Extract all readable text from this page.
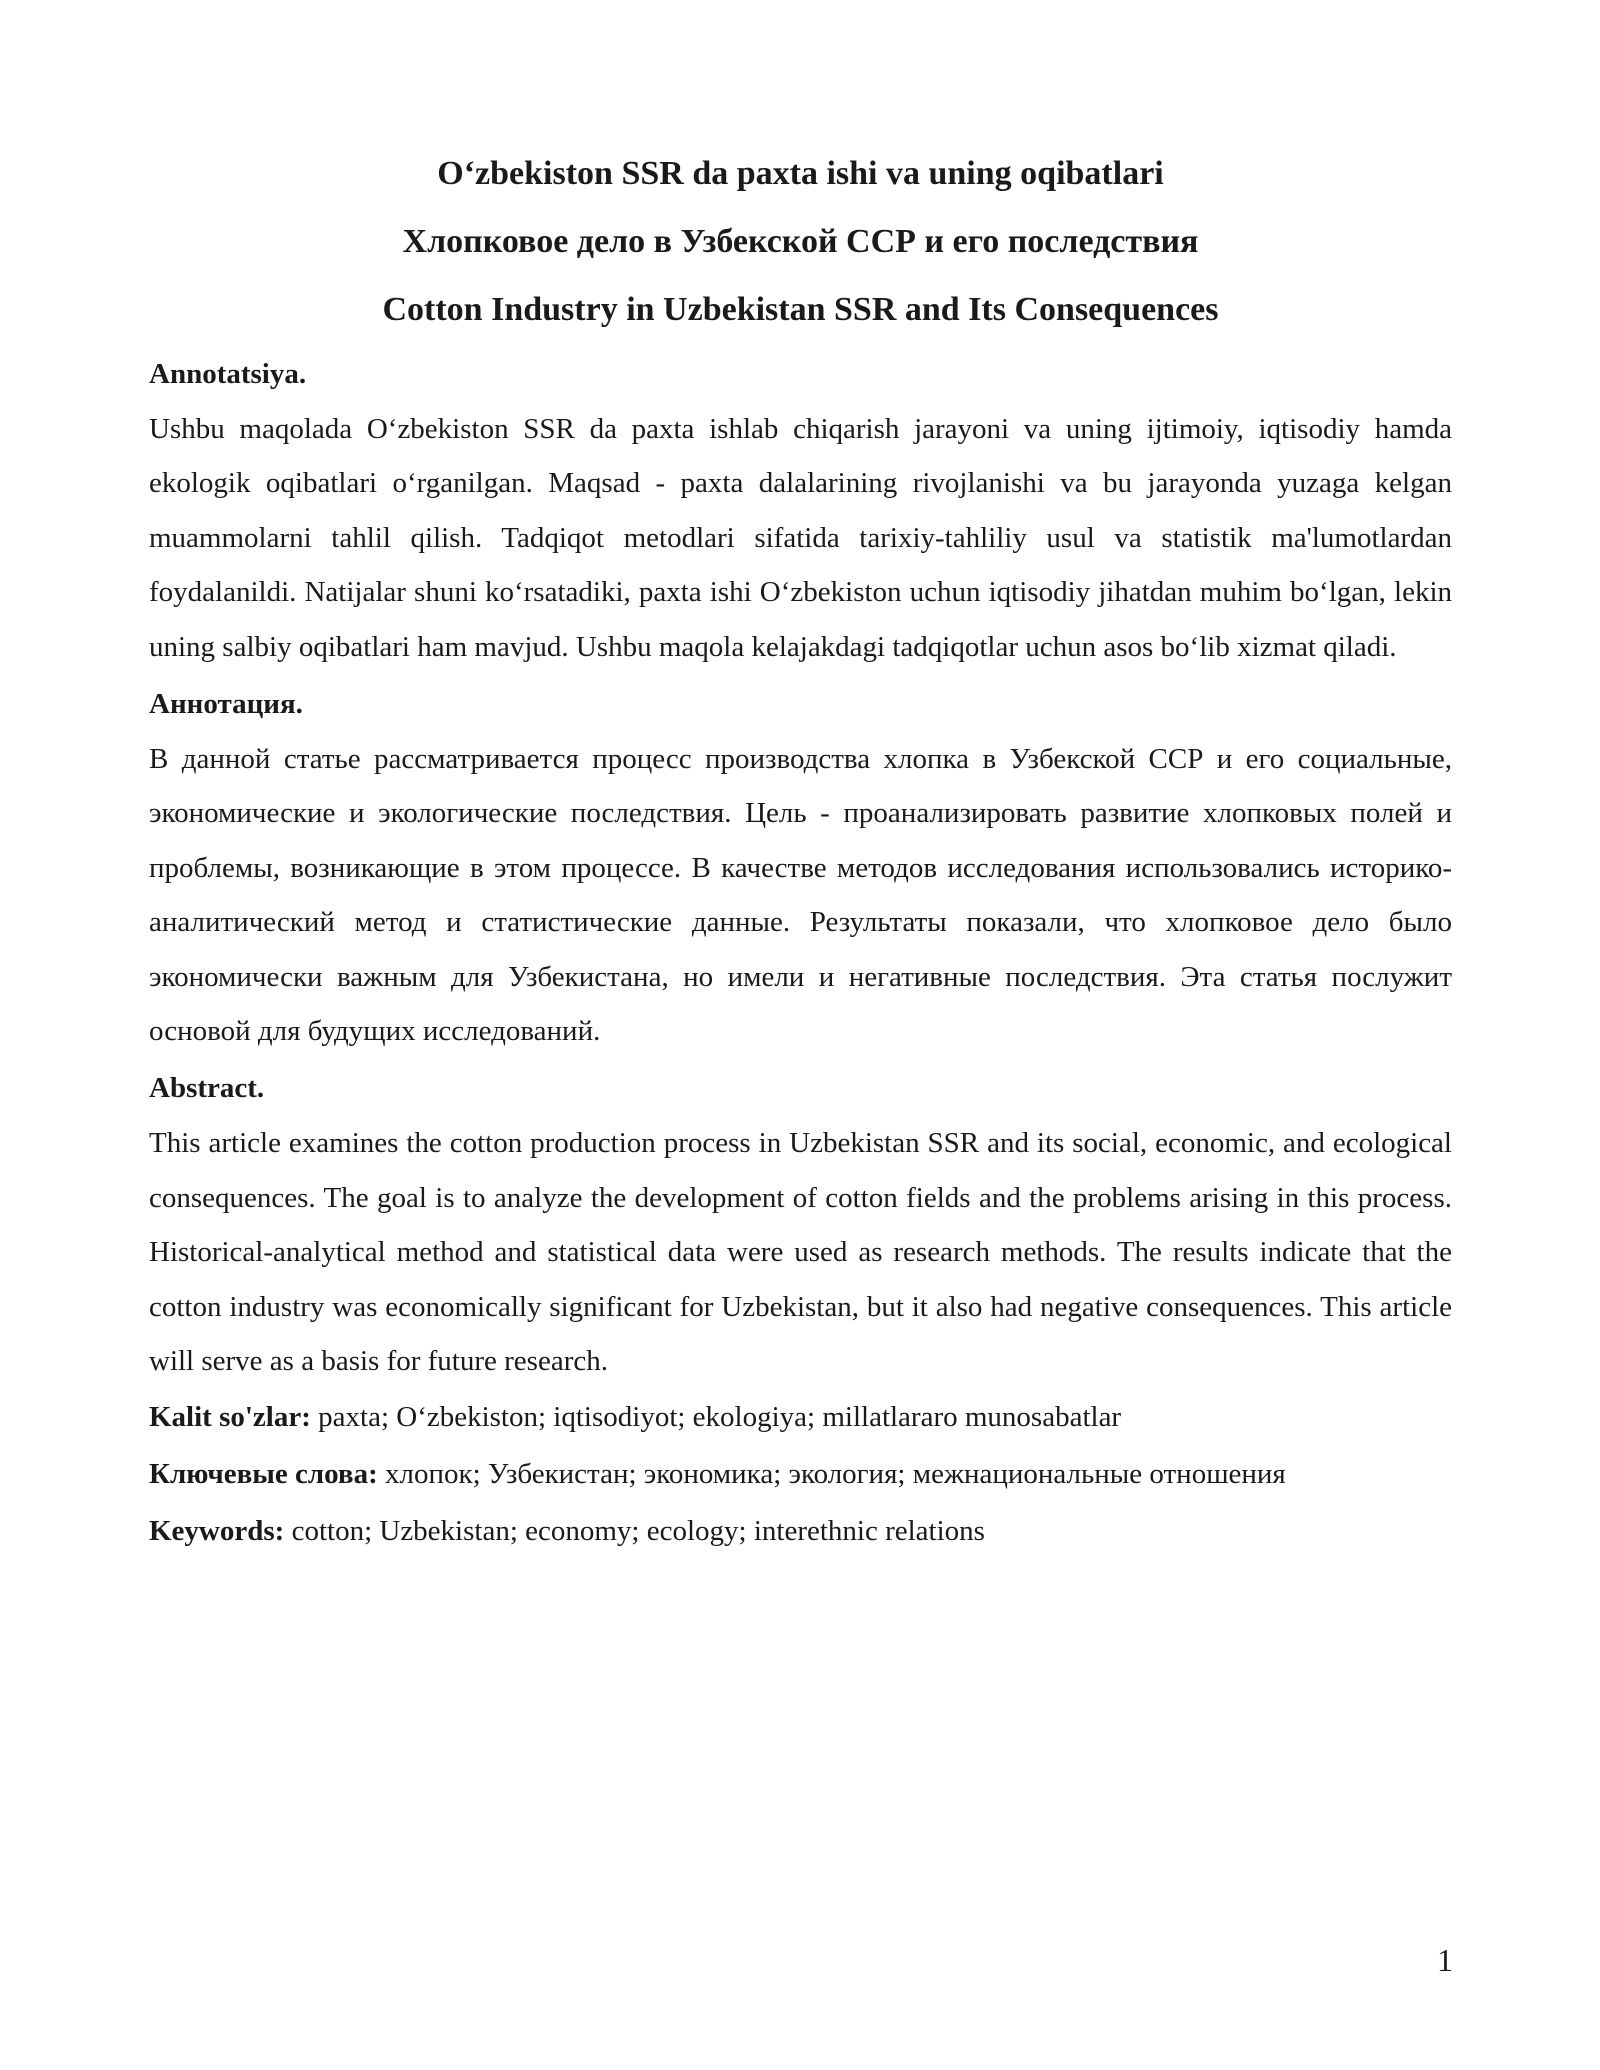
O‘zbekiston SSR da paxta ishi va uning oqibatlari

Хлопковое дело в Узбекской ССР и его последствия

Cotton Industry in Uzbekistan SSR and Its Consequences

Annotatsiya.

Ushbu maqolada O‘zbekiston SSR da paxta ishlab chiqarish jarayoni va uning ijtimoiy, iqtisodiy hamda ekologik oqibatlari o‘rganilgan. Maqsad - paxta dalalarining rivojlanishi va bu jarayonda yuzaga kelgan muammolarni tahlil qilish. Tadqiqot metodlari sifatida tarixiy-tahliliy usul va statistik ma'lumotlardan foydalanildi. Natijalar shuni ko‘rsatadiki, paxta ishi O‘zbekiston uchun iqtisodiy jihatdan muhim bo‘lgan, lekin uning salbiy oqibatlari ham mavjud. Ushbu maqola kelajakdagi tadqiqotlar uchun asos bo‘lib xizmat qiladi.

Аннотация.

В данной статье рассматривается процесс производства хлопка в Узбекской ССР и его социальные, экономические и экологические последствия. Цель - проанализировать развитие хлопковых полей и проблемы, возникающие в этом процессе. В качестве методов исследования использовались историко-аналитический метод и статистические данные. Результаты показали, что хлопковое дело было экономически важным для Узбекистана, но имели и негативные последствия. Эта статья послужит основой для будущих исследований.

Abstract.

This article examines the cotton production process in Uzbekistan SSR and its social, economic, and ecological consequences. The goal is to analyze the development of cotton fields and the problems arising in this process. Historical-analytical method and statistical data were used as research methods. The results indicate that the cotton industry was economically significant for Uzbekistan, but it also had negative consequences. This article will serve as a basis for future research.

Kalit so'zlar: paxta; O‘zbekiston; iqtisodiyot; ekologiya; millatlararo munosabatlar

Ключевые слова: хлопок; Узбекистан; экономика; экология; межнациональные отношения

Keywords: cotton; Uzbekistan; economy; ecology; interethnic relations

1
